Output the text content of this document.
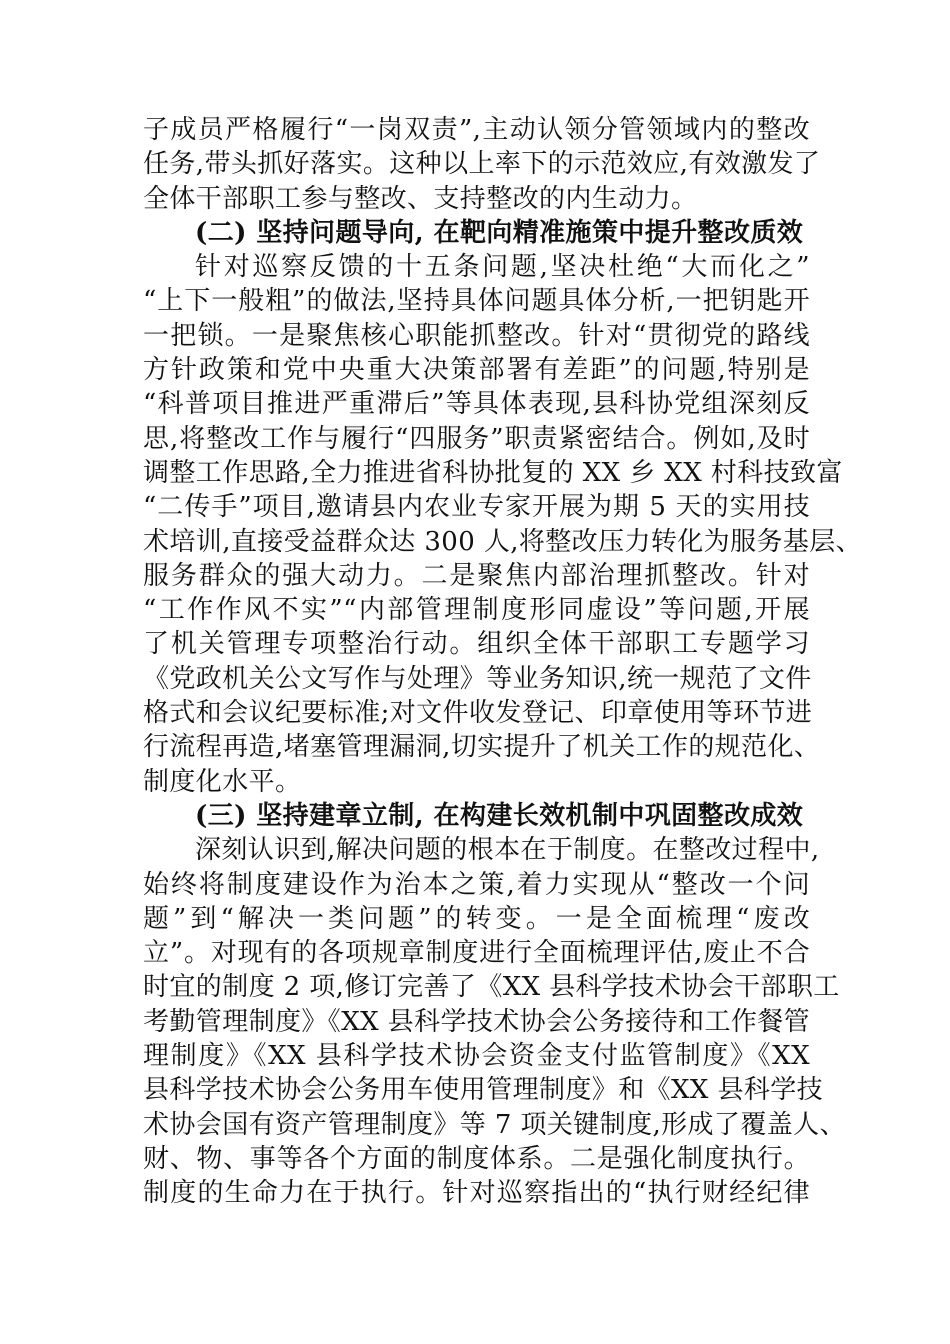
子成员严格履行“一岗双责”,主动认领分管领域内的整改
任务,带头抓好落实。这种以上率下的示范效应,有效激发了
全体干部职工参与整改、支持整改的内生动力。
(二) 坚持问题导向, 在靶向精准施策中提升整改质效
针对巡察反馈的十五条问题,坚决杜绝“大而化之”
“上下一般粗”的做法,坚持具体问题具体分析,一把钥匙开
一把锁。一是聚焦核心职能抓整改。针对“贯彻党的路线
方针政策和党中央重大决策部署有差距”的问题,特别是
“科普项目推进严重滞后”等具体表现,县科协党组深刻反
思,将整改工作与履行“四服务”职责紧密结合。例如,及时
调整工作思路,全力推进省科协批复的 XX 乡 XX 村科技致富
“二传手”项目,邀请县内农业专家开展为期 5 天的实用技
术培训,直接受益群众达 300 人,将整改压力转化为服务基层、
服务群众的强大动力。二是聚焦内部治理抓整改。针对
“工作作风不实”“内部管理制度形同虚设”等问题,开展
了机关管理专项整治行动。组织全体干部职工专题学习
《党政机关公文写作与处理》等业务知识,统一规范了文件
格式和会议纪要标准;对文件收发登记、印章使用等环节进
行流程再造,堵塞管理漏洞,切实提升了机关工作的规范化、
制度化水平。
(三) 坚持建章立制, 在构建长效机制中巩固整改成效
深刻认识到,解决问题的根本在于制度。在整改过程中,
始终将制度建设作为治本之策,着力实现从“整改一个问
题”到“解决一类问题”的转变。一是全面梳理“废改
立”。对现有的各项规章制度进行全面梳理评估,废止不合
时宜的制度 2 项,修订完善了《XX 县科学技术协会干部职工
考勤管理制度》《XX 县科学技术协会公务接待和工作餐管
理制度》《XX 县科学技术协会资金支付监管制度》《XX
县科学技术协会公务用车使用管理制度》和《XX 县科学技
术协会国有资产管理制度》等 7 项关键制度,形成了覆盖人、
财、物、事等各个方面的制度体系。二是强化制度执行。
制度的生命力在于执行。针对巡察指出的“执行财经纪律
